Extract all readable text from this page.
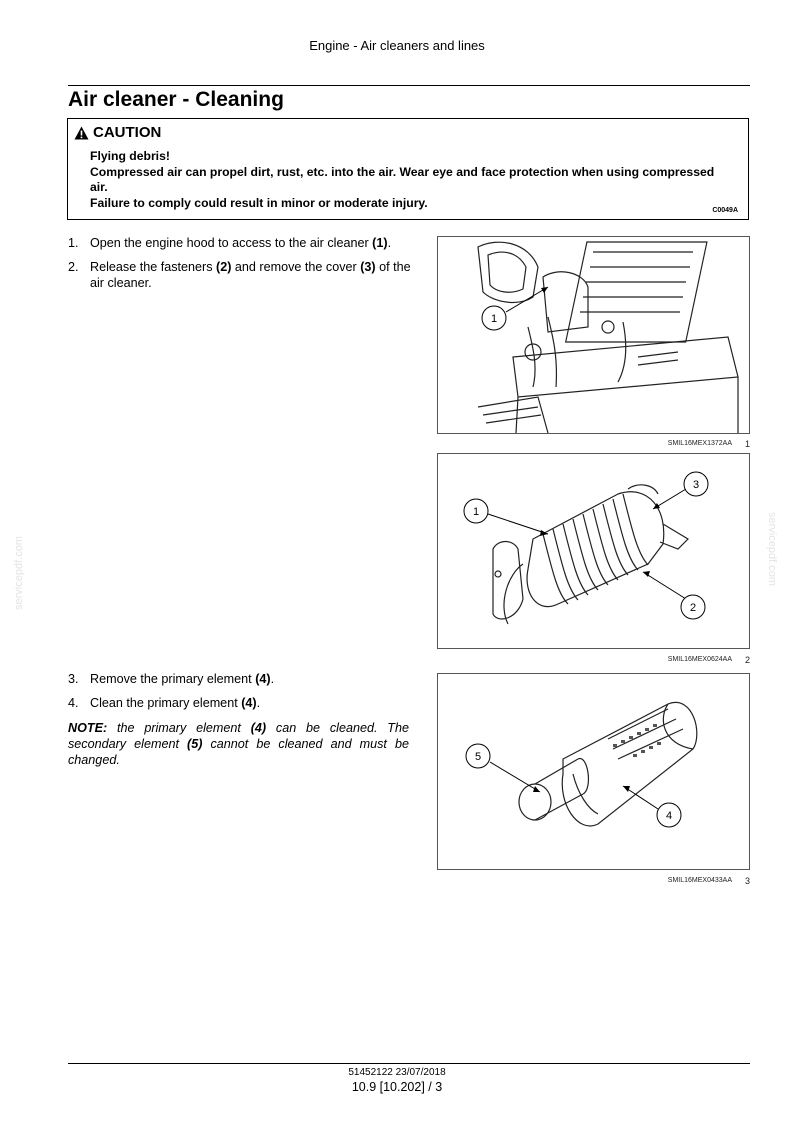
Engine - Air cleaners and lines
Air cleaner - Cleaning
CAUTION
Flying debris!
Compressed air can propel dirt, rust, etc. into the air. Wear eye and face protection when using compressed air.
Failure to comply could result in minor or moderate injury.
C0049A
1. Open the engine hood to access to the air cleaner (1).
2. Release the fasteners (2) and remove the cover (3) of the air cleaner.
3. Remove the primary element (4).
4. Clean the primary element (4).
NOTE: the primary element (4) can be cleaned. The secondary element (5) cannot be cleaned and must be changed.
1
SMIL16MEX1372AA 1
1
3
2
SMIL16MEX0624AA 2
5
4
SMIL16MEX0433AA 3
servicepdf.com	servicepdf.com
51452122 23/07/2018
10.9 [10.202] / 3
